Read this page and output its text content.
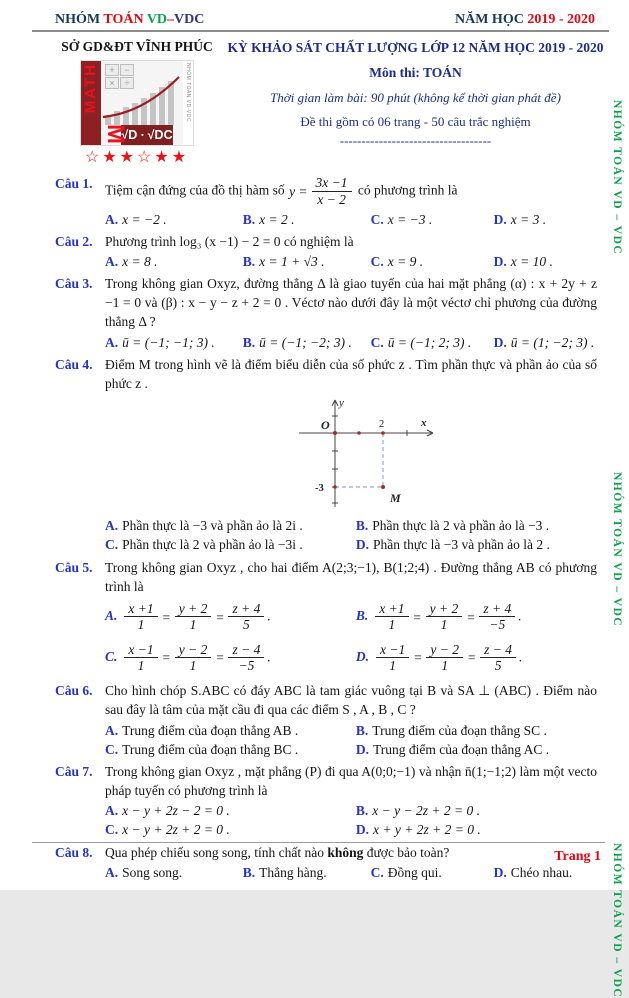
NHÓM TOÁN VD–VDC	NĂM HỌC 2019 - 2020
SỞ GD&ĐT VĨNH PHÚC
MATH	+	−
×	÷
M
√D ∙ √DC
NHÓM TOÁN VD-VDC
☆★★☆★★
KỲ KHẢO SÁT CHẤT LƯỢNG LỚP 12 NĂM HỌC 2019 - 2020
Môn thi: TOÁN
Thời gian làm bài: 90 phút (không kể thời gian phát đề)
Đề thi gồm có 06 trang - 50 câu trắc nghiệm
-----------------------------------	NHÓM TOÁN VD – VDC
NHÓM TOÁN VD – VDC
NHÓM TOÁN VD – VDC
Câu 1. Tiệm cận đứng của đồ thị hàm số $y = \frac{3x -1}{x - 2}$ có phương trình là
A. x = −2 .	B. x = 2 .	C. x = −3 .	D. x = 3 .
Câu 2. Phương trình log₃ (x −1) − 2 = 0 có nghiệm là
A. x = 8 .	B. x = 1 + √3 .	C. x = 9 .	D. x = 10 .
Câu 3. Trong không gian Oxyz, đường thẳng Δ là giao tuyến của hai mặt phẳng (α) : x + 2y + z −1 = 0 và (β) : x − y − z + 2 = 0 . Véctơ nào dưới đây là một véctơ chỉ phương của đường thẳng Δ ?
A. ū = (−1; −1; 3) .	B. ū = (−1; −2; 3) .	C. ū = (−1; 2; 3) .	D. ū = (1; −2; 3) .
Câu 4. Điểm M trong hình vẽ là điểm biểu diễn của số phức z . Tìm phần thực và phần ảo của số phức z .
y
x
O	2
-3
M
A. Phần thực là −3 và phần ảo là 2i .	B. Phần thực là 2 và phần ảo là −3 .
C. Phần thực là 2 và phần ảo là −3i .	D. Phần thực là −3 và phần ảo là 2 .
Câu 5. Trong không gian Oxyz , cho hai điểm A(2;3;−1), B(1;2;4) . Đường thẳng AB có phương trình là
A. $\frac{x +1}{1} = \frac{y + 2}{1} = \frac{z + 4}{5}$ .	B. $\frac{x +1}{1} = \frac{y + 2}{1} = \frac{z + 4}{-5}$ .
C. $\frac{x -1}{1} = \frac{y - 2}{1} = \frac{z - 4}{-5}$ .	D. $\frac{x -1}{1} = \frac{y - 2}{1} = \frac{z - 4}{5}$ .
Câu 6. Cho hình chóp S.ABC có đáy ABC là tam giác vuông tại B và SA ⊥ (ABC) . Điểm nào sau đây là tâm của mặt cầu đi qua các điểm S , A , B , C ?
A. Trung điểm của đoạn thẳng AB .	B. Trung điểm của đoạn thẳng SC .
C. Trung điểm của đoạn thẳng BC .	D. Trung điểm của đoạn thẳng AC .
Câu 7. Trong không gian Oxyz , mặt phẳng (P) đi qua A(0;0;−1) và nhận n̄(1;−1;2) làm một vecto pháp tuyến có phương trình là
A. x − y + 2z − 2 = 0 .	B. x − y − 2z + 2 = 0 .
C. x − y + 2z + 2 = 0 .	D. x + y + 2z + 2 = 0 .
Câu 8. Qua phép chiếu song song, tính chất nào không được bảo toàn?
A. Song song.	B. Thẳng hàng.	C. Đồng qui.	D. Chéo nhau.
Trang 1
